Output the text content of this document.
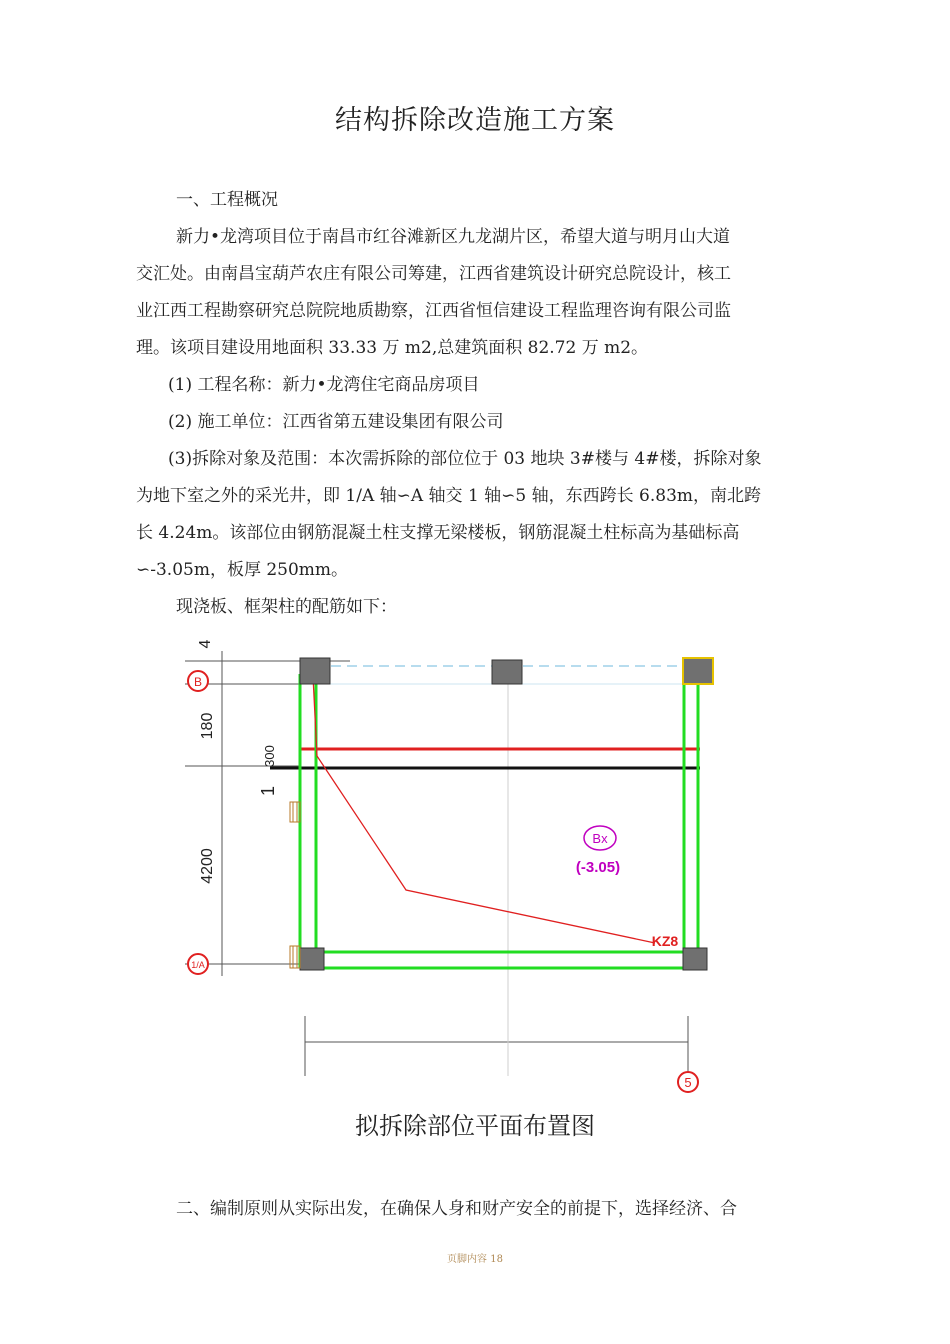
结构拆除改造施工方案
一、工程概况
新力•龙湾项目位于南昌市红谷滩新区九龙湖片区，希望大道与明月山大道
交汇处。由南昌宝葫芦农庄有限公司筹建，江西省建筑设计研究总院设计，核工
业江西工程勘察研究总院院地质勘察，江西省恒信建设工程监理咨询有限公司监
理。该项目建设用地面积 33.33 万 m2,总建筑面积 82.72 万 m2。
(1) 工程名称：新力•龙湾住宅商品房项目
(2) 施工单位：江西省第五建设集团有限公司
(3)拆除对象及范围：本次需拆除的部位位于 03 地块 3#楼与 4#楼，拆除对象
为地下室之外的采光井，即 1/A 轴∽A 轴交 1 轴∽5 轴，东西跨长 6.83m，南北跨
长 4.24m。该部位由钢筋混凝土柱支撑无梁楼板，钢筋混凝土柱标高为基础标高
∽-3.05m，板厚 250mm。
现浇板、框架柱的配筋如下：
B
1/A
5
4
180
4200
1
300
Bx
(-3.05)
KZ8
拟拆除部位平面布置图
二、编制原则从实际出发，在确保人身和财产安全的前提下，选择经济、合
页脚内容 18
